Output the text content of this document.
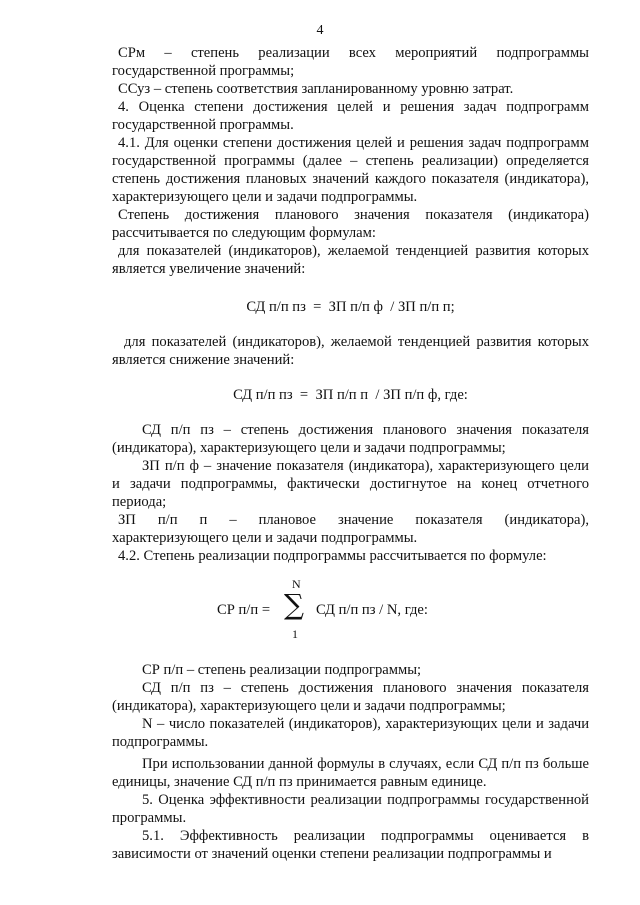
4

СРм – степень реализации всех мероприятий подпрограммы государственной программы;

ССуз – степень соответствия запланированному уровню затрат.

4. Оценка степени достижения целей и решения задач подпрограмм государственной программы.

4.1. Для оценки степени достижения целей и решения задач подпрограмм государственной программы (далее – степень реализации) определяется степень достижения плановых значений каждого показателя (индикатора), характеризующего цели и задачи подпрограммы.

Степень достижения планового значения показателя (индикатора) рассчитывается по следующим формулам:

для показателей (индикаторов), желаемой тенденцией развития которых является увеличение значений:

СД п/п пз  =  ЗП п/п ф  / ЗП п/п п;

для показателей (индикаторов), желаемой тенденцией развития которых является снижение значений:

СД п/п пз  =  ЗП п/п п  / ЗП п/п ф, где:

СД п/п пз – степень достижения планового значения показателя (индикатора), характеризующего цели и задачи подпрограммы;

ЗП п/п ф – значение показателя (индикатора), характеризующего цели и задачи подпрограммы, фактически достигнутое на конец отчетного периода;

ЗП п/п п – плановое значение показателя (индикатора),

характеризующего цели и задачи подпрограммы.

4.2. Степень реализации подпрограммы рассчитывается по формуле:

СР п/п =
N
∑
1
СД п/п пз / N, где:

СР п/п – степень реализации подпрограммы;

СД п/п пз – степень достижения планового значения показателя (индикатора), характеризующего цели и задачи подпрограммы;

N – число показателей (индикаторов), характеризующих цели и задачи подпрограммы.

При использовании данной формулы в случаях, если СД п/п пз больше единицы, значение СД п/п пз принимается равным единице.

5. Оценка эффективности реализации подпрограммы государственной программы.

5.1. Эффективность реализации подпрограммы оценивается в зависимости от значений оценки степени реализации подпрограммы и
